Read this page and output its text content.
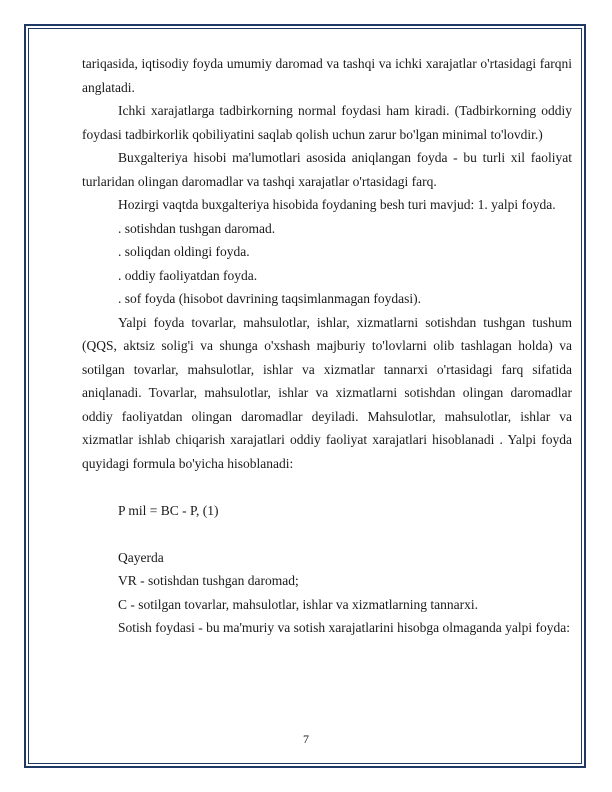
tariqasida, iqtisodiy foyda umumiy daromad va tashqi va ichki xarajatlar o'rtasidagi farqni anglatadi.

Ichki xarajatlarga tadbirkorning normal foydasi ham kiradi. (Tadbirkorning oddiy foydasi tadbirkorlik qobiliyatini saqlab qolish uchun zarur bo'lgan minimal to'lovdir.)

Buxgalteriya hisobi ma'lumotlari asosida aniqlangan foyda - bu turli xil faoliyat turlaridan olingan daromadlar va tashqi xarajatlar o'rtasidagi farq.

Hozirgi vaqtda buxgalteriya hisobida foydaning besh turi mavjud: 1. yalpi foyda.

. sotishdan tushgan daromad.

. soliqdan oldingi foyda.

. oddiy faoliyatdan foyda.

. sof foyda (hisobot davrining taqsimlanmagan foydasi).

Yalpi foyda tovarlar, mahsulotlar, ishlar, xizmatlarni sotishdan tushgan tushum (QQS, aktsiz solig'i va shunga o'xshash majburiy to'lovlarni olib tashlagan holda) va sotilgan tovarlar, mahsulotlar, ishlar va xizmatlar tannarxi o'rtasidagi farq sifatida aniqlanadi. Tovarlar, mahsulotlar, ishlar va xizmatlarni sotishdan olingan daromadlar oddiy faoliyatdan olingan daromadlar deyiladi. Mahsulotlar, mahsulotlar, ishlar va xizmatlar ishlab chiqarish xarajatlari oddiy faoliyat xarajatlari hisoblanadi . Yalpi foyda quyidagi formula bo'yicha hisoblanadi:

P mil = BC - P, (1)

Qayerda

VR - sotishdan tushgan daromad;

C - sotilgan tovarlar, mahsulotlar, ishlar va xizmatlarning tannarxi.

Sotish foydasi - bu ma'muriy va sotish xarajatlarini hisobga olmaganda yalpi foyda:

7
